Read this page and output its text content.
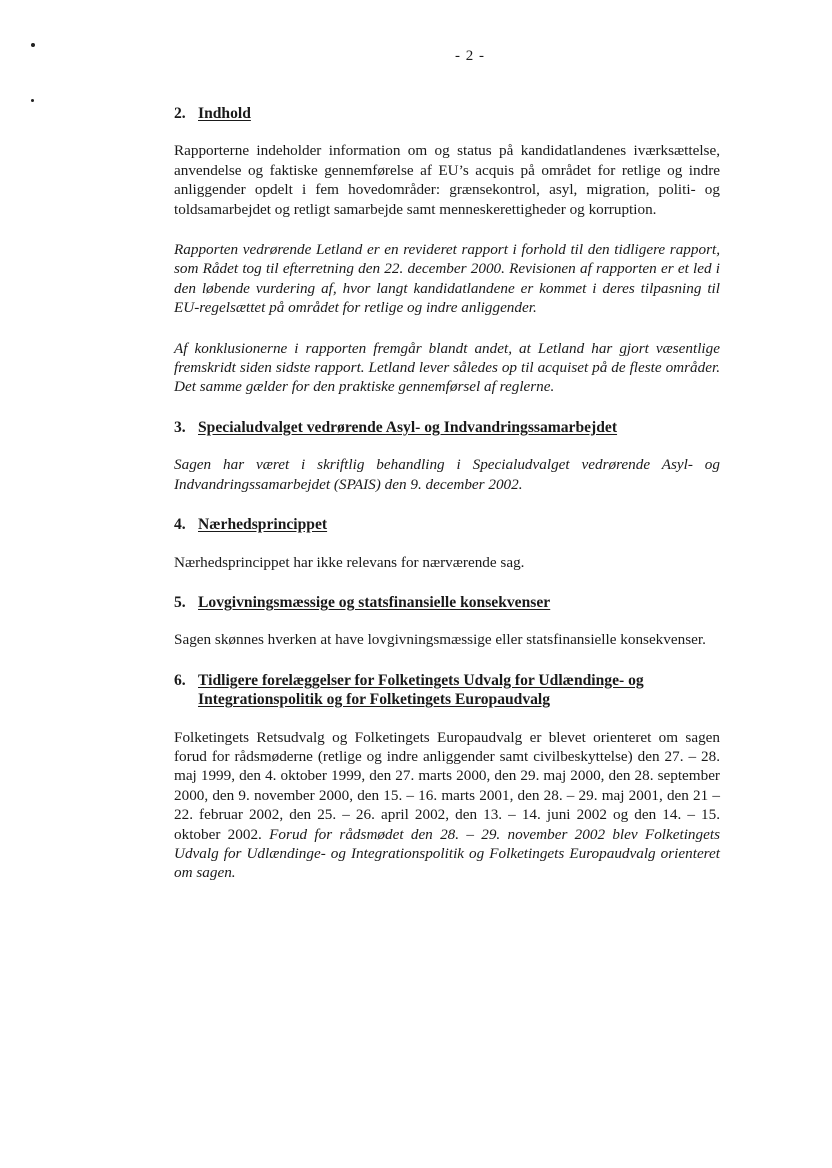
- 2 -
2. Indhold

Rapporterne indeholder information om og status på kandidatlandenes iværksættelse, anvendelse og faktiske gennemførelse af EU’s acquis på området for retlige og indre anliggender opdelt i fem hovedområder: grænsekontrol, asyl, migration, politi- og toldsamarbejdet og retligt samarbejde samt menneskerettigheder og korruption.

Rapporten vedrørende Letland er en revideret rapport i forhold til den tidligere rapport, som Rådet tog til efterretning den 22. december 2000. Revisionen af rapporten er et led i den løbende vurdering af, hvor langt kandidatlandene er kommet i deres tilpasning til EU-regelsættet på området for retlige og indre anliggender.

Af konklusionerne i rapporten fremgår blandt andet, at Letland har gjort væsentlige fremskridt siden sidste rapport. Letland lever således op til acquiset på de fleste områder. Det samme gælder for den praktiske gennemførsel af reglerne.

3. Specialudvalget vedrørende Asyl- og Indvandringssamarbejdet

Sagen har været i skriftlig behandling i Specialudvalget vedrørende Asyl- og Indvandringssamarbejdet (SPAIS) den 9. december 2002.

4. Nærhedsprincippet

Nærhedsprincippet har ikke relevans for nærværende sag.

5. Lovgivningsmæssige og statsfinansielle konsekvenser

Sagen skønnes hverken at have lovgivningsmæssige eller statsfinansielle konsekvenser.

6. Tidligere forelæggelser for Folketingets Udvalg for Udlændinge- og Integrationspolitik og for Folketingets Europaudvalg

Folketingets Retsudvalg og Folketingets Europaudvalg er blevet orienteret om sagen forud for rådsmøderne (retlige og indre anliggender samt civilbeskyttelse) den 27. – 28. maj 1999, den 4. oktober 1999, den 27. marts 2000, den 29. maj 2000, den 28. september 2000, den 9. november 2000, den 15. – 16. marts 2001, den 28. – 29. maj 2001, den 21 – 22. februar 2002, den 25. – 26. april 2002, den 13. – 14. juni 2002 og den 14. – 15. oktober 2002. Forud for rådsmødet den 28. – 29. november 2002 blev Folketingets Udvalg for Udlændinge- og Integrationspolitik og Folketingets Europaudvalg orienteret om sagen.
